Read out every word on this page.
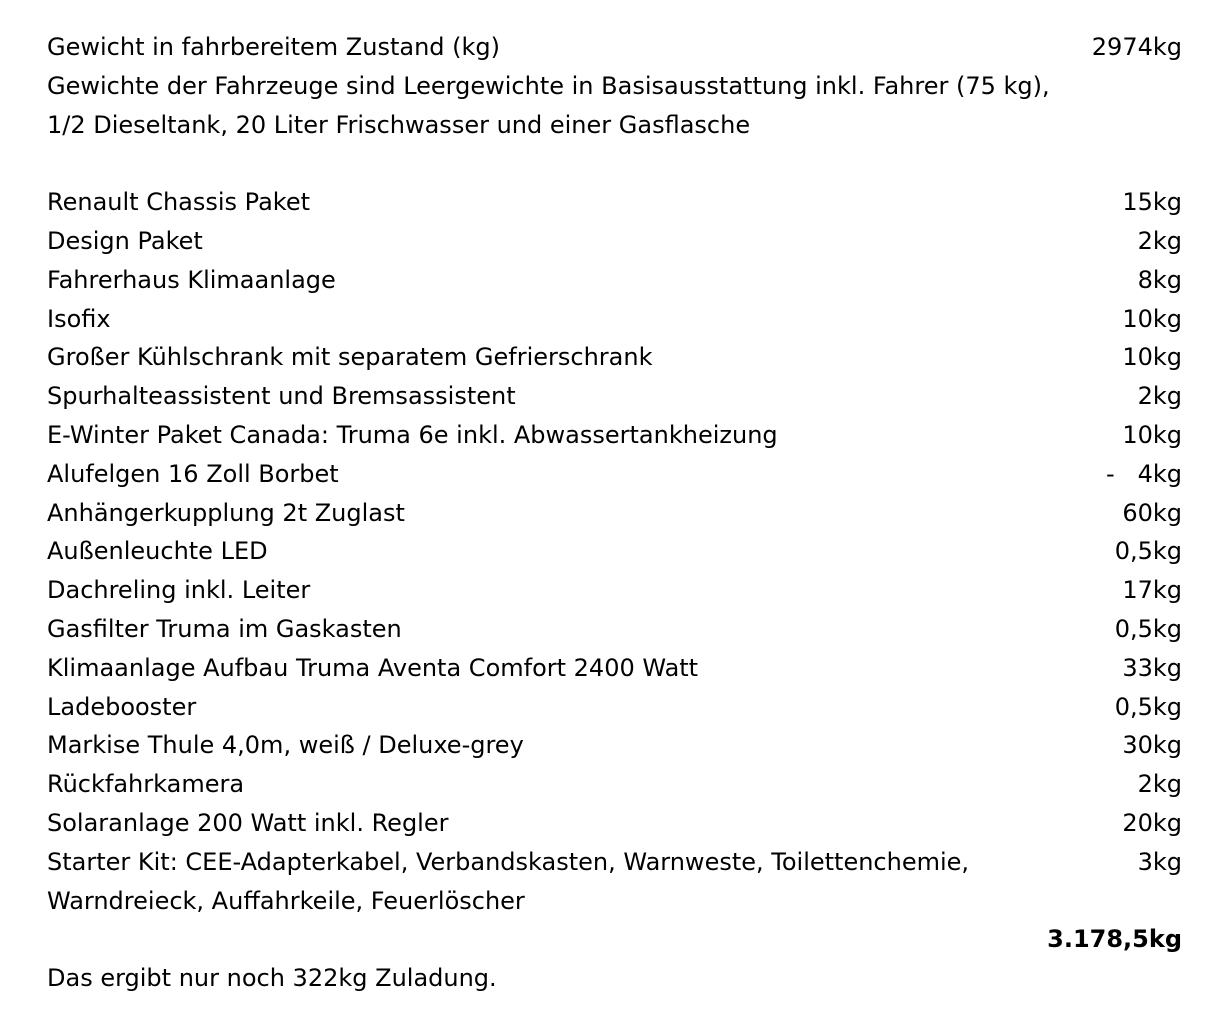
Gewicht in fahrbereitem Zustand (kg)	2974kg
Gewichte der Fahrzeuge sind Leergewichte in Basisausstattung inkl. Fahrer (75 kg),
1/2 Dieseltank, 20 Liter Frischwasser und einer Gasflasche
Renault Chassis Paket	15kg
Design Paket	2kg
Fahrerhaus Klimaanlage	8kg
Isofix	10kg
Großer Kühlschrank mit separatem Gefrierschrank	10kg
Spurhalteassistent und Bremsassistent	2kg
E-Winter Paket Canada: Truma 6e inkl. Abwassertankheizung	10kg
Alufelgen 16 Zoll Borbet	-   4kg
Anhängerkupplung 2t Zuglast	60kg
Außenleuchte LED	0,5kg
Dachreling inkl. Leiter	17kg
Gasfilter Truma im Gaskasten	0,5kg
Klimaanlage Aufbau Truma Aventa Comfort 2400 Watt	33kg
Ladebooster	0,5kg
Markise Thule 4,0m, weiß / Deluxe-grey	30kg
Rückfahrkamera	2kg
Solaranlage 200 Watt inkl. Regler	20kg
Starter Kit: CEE-Adapterkabel, Verbandskasten, Warnweste, Toilettenchemie,	3kg
Warndreieck, Auffahrkeile, Feuerlöscher
3.178,5kg
Das ergibt nur noch 322kg Zuladung.
